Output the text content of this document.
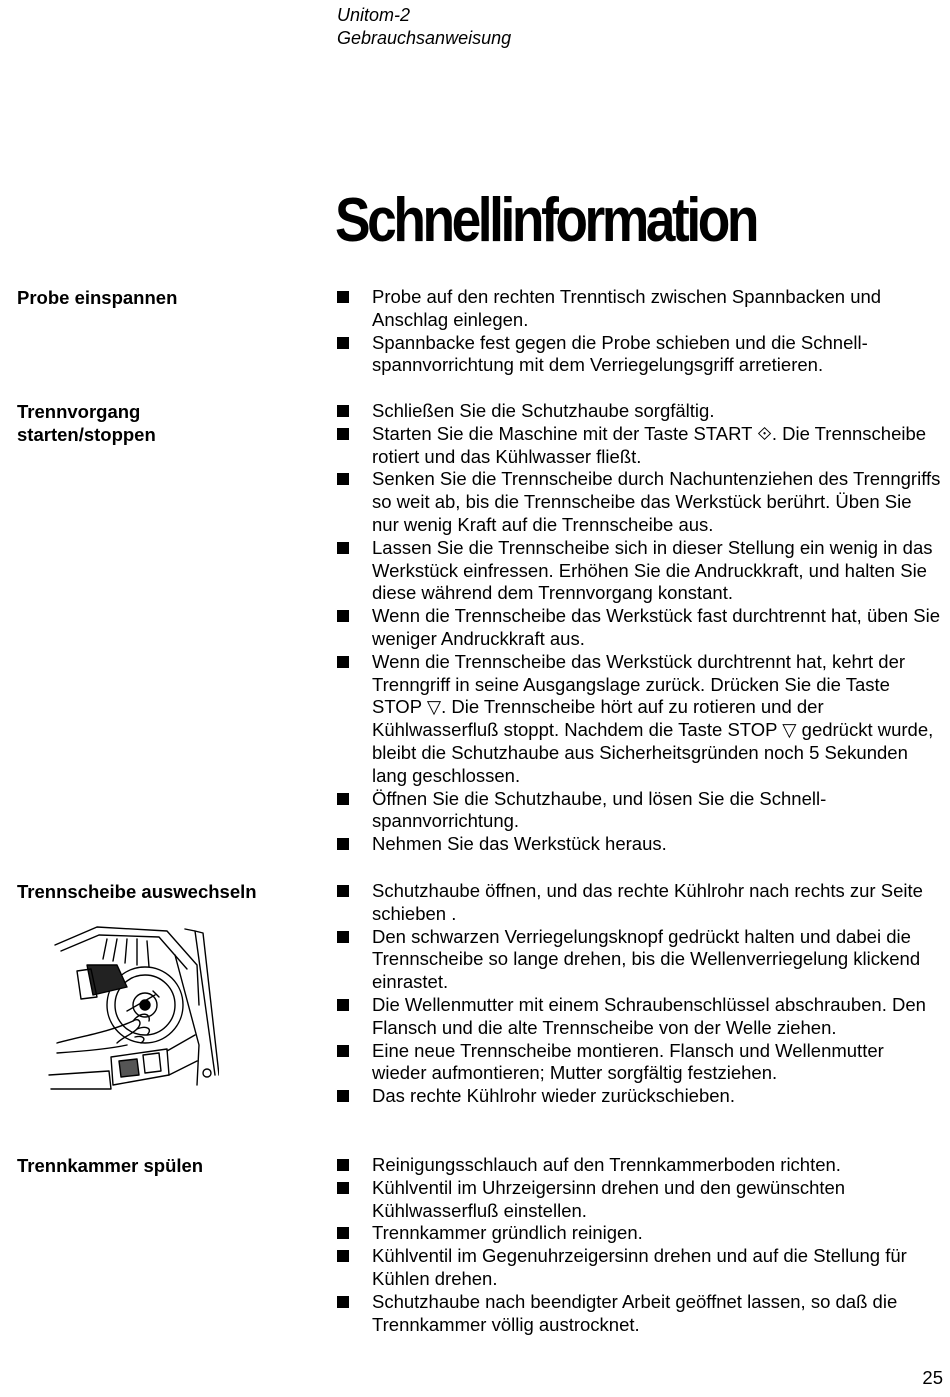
Unitom-2
Gebrauchsanweisung
Schnellinformation
Probe einspannen	Probe auf den rechten Trenntisch zwischen Spannbacken und Anschlag einlegen.
Spannbacke fest gegen die Probe schieben und die Schnellspannvorrichtung mit dem Verriegelungsgriff arretieren.
Trennvorgang
starten/stoppen
Schließen Sie die Schutzhaube sorgfältig.
Starten Sie die Maschine mit der Taste START ⟐. Die Trennscheibe rotiert und das Kühlwasser fließt.
Senken Sie die Trennscheibe durch Nachuntenziehen des Trenngriffs so weit ab, bis die Trennscheibe das Werkstück berührt. Üben Sie nur wenig Kraft auf die Trennscheibe aus.
Lassen Sie die Trennscheibe sich in dieser Stellung ein wenig in das Werkstück einfressen. Erhöhen Sie die Andruckkraft, und halten Sie diese während dem Trennvorgang konstant.
Wenn die Trennscheibe das Werkstück fast durchtrennt hat, üben Sie weniger Andruckkraft aus.
Wenn die Trennscheibe das Werkstück durchtrennt hat, kehrt der Trenngriff in seine Ausgangslage zurück. Drücken Sie die Taste STOP ▽. Die Trennscheibe hört auf zu rotieren und der Kühlwasserfluß stoppt. Nachdem die Taste STOP ▽ gedrückt wurde, bleibt die Schutzhaube aus Sicherheitsgründen noch 5 Sekunden lang geschlossen.
Öffnen Sie die Schutzhaube, und lösen Sie die Schnellspannvorrichtung.
Nehmen Sie das Werkstück heraus.
Trennscheibe auswechseln	Schutzhaube öffnen, und das rechte Kühlrohr nach rechts zur Seite schieben .
Den schwarzen Verriegelungsknopf gedrückt halten und dabei die Trennscheibe so lange drehen, bis die Wellenverriegelung klickend einrastet.
Die Wellenmutter mit einem Schraubenschlüssel abschrauben. Den Flansch und die alte Trennscheibe von der Welle ziehen.
Eine neue Trennscheibe montieren. Flansch und Wellenmutter wieder aufmontieren; Mutter sorgfältig festziehen.
Das rechte Kühlrohr wieder zurückschieben.
Trennkammer spülen	Reinigungsschlauch auf den Trennkammerboden richten.
Kühlventil im Uhrzeigersinn drehen und den gewünschten Kühlwasserfluß einstellen.
Trennkammer gründlich reinigen.
Kühlventil im Gegenuhrzeigersinn drehen und auf die Stellung für Kühlen drehen.
Schutzhaube nach beendigter Arbeit geöffnet lassen, so daß die Trennkammer völlig austrocknet.
25
